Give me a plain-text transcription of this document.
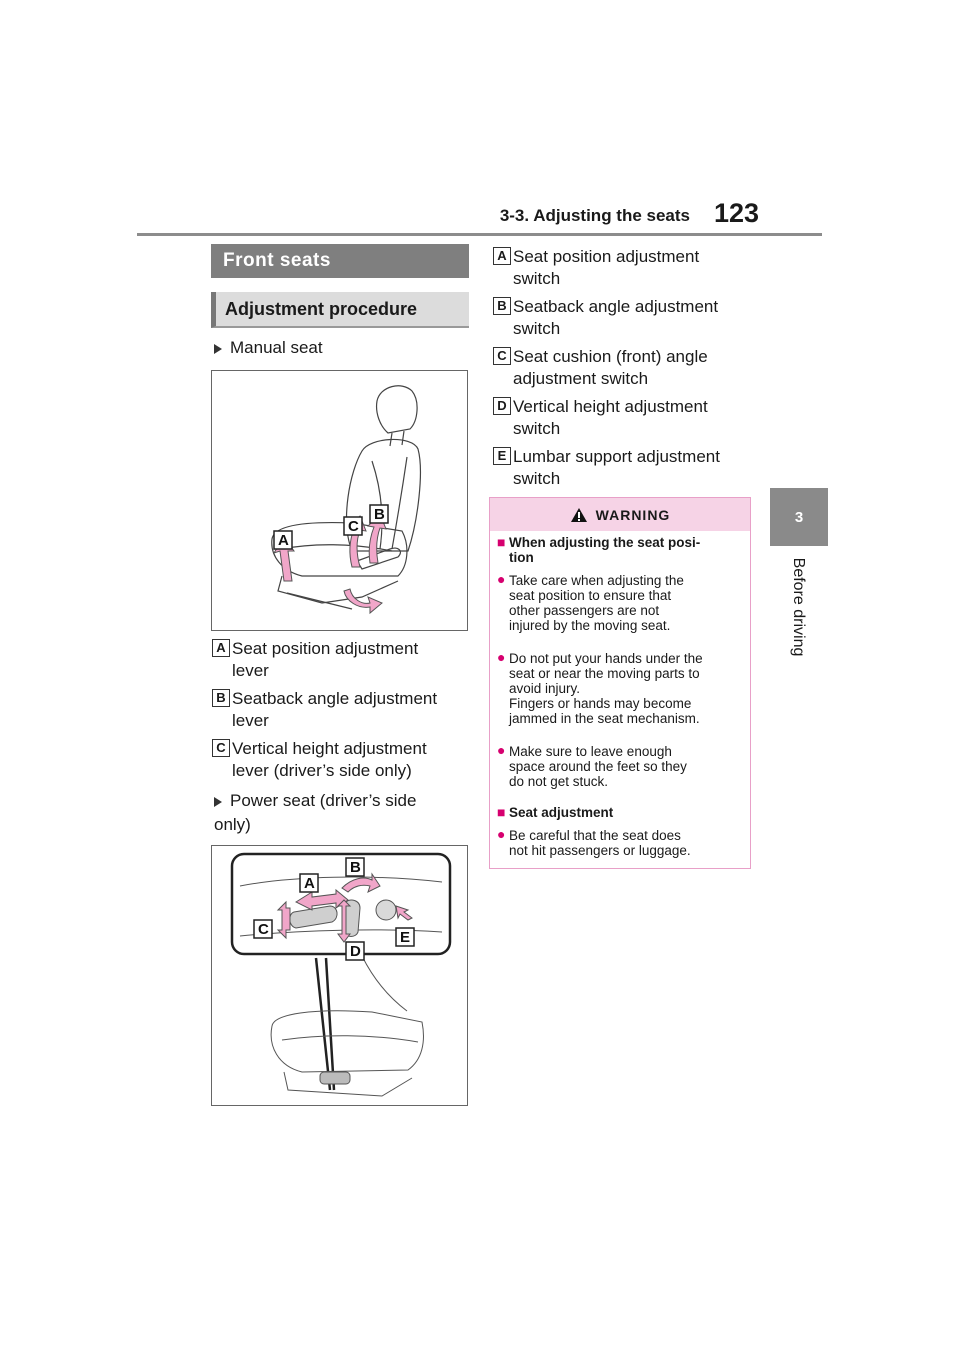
3-3. Adjusting the seats 123
3
Before driving
Front seats
Adjustment procedure
Manual seat
A
C
B
A Seat position adjustment
lever
B Seatback angle adjustment
lever
C Vertical height adjustment
lever (driver’s side only)
Power seat (driver’s side
only)
A
B
C
D
E
A Seat position adjustment
switch
B Seatback angle adjustment
switch
C Seat cushion (front) angle
adjustment switch
D Vertical height adjustment
switch
E Lumbar support adjustment
switch
WARNING
■ When adjusting the seat posi-
tion
● Take care when adjusting the
seat position to ensure that
other passengers are not
injured by the moving seat.
● Do not put your hands under the
seat or near the moving parts to
avoid injury.
Fingers or hands may become
jammed in the seat mechanism.
● Make sure to leave enough
space around the feet so they
do not get stuck.
■ Seat adjustment
● Be careful that the seat does
not hit passengers or luggage.
